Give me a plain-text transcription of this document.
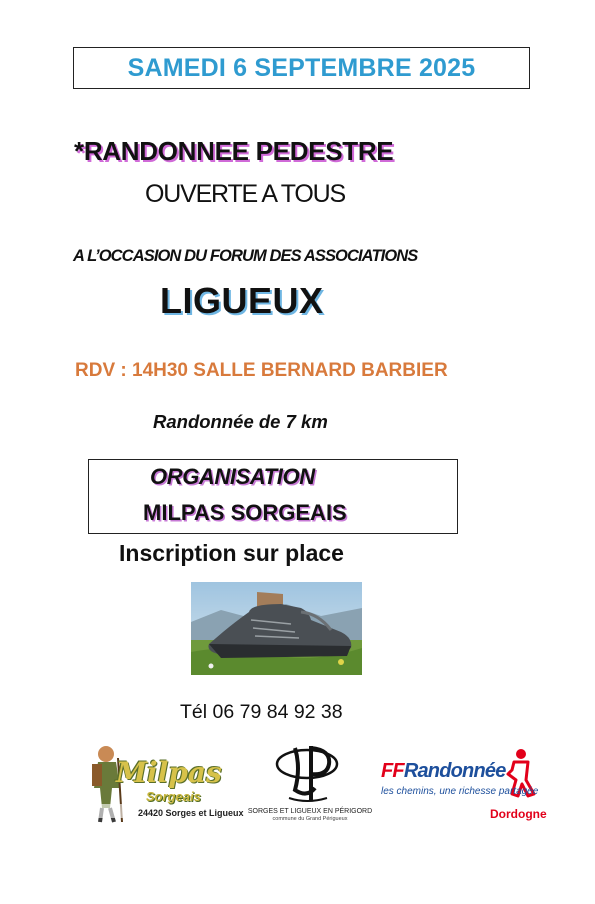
SAMEDI 6 SEPTEMBRE 2025
*RANDONNEE PEDESTRE
OUVERTE A TOUS
A L’OCCASION DU FORUM DES ASSOCIATIONS
LIGUEUX
RDV : 14H30 SALLE BERNARD BARBIER
Randonnée de 7 km
ORGANISATION
MILPAS SORGEAIS
Inscription sur place
Tél 06 79 84 92 38
Milpas
Sorgeais
24420 Sorges et Ligueux SORGES ET LIGUEUX EN PÉRIGORD
commune du Grand Périgueux
FFRandonnée
les chemins, une richesse partagée
Dordogne
